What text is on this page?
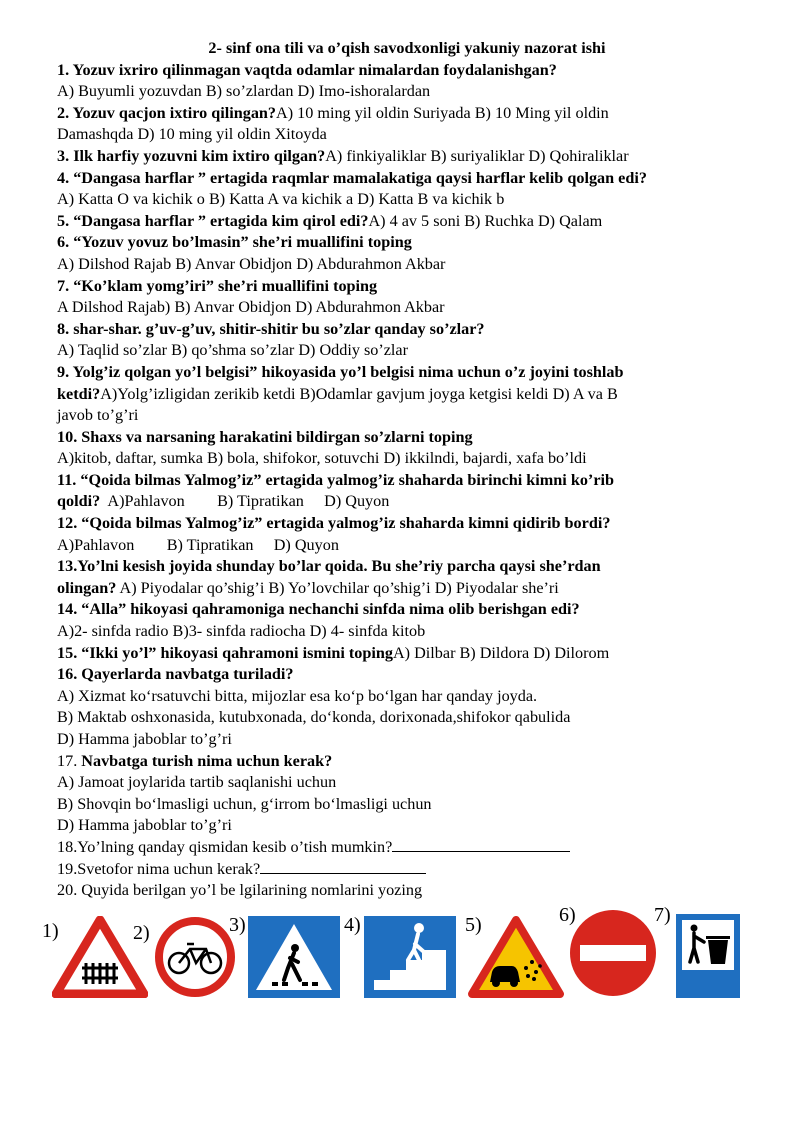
2- sinf ona tili va o’qish savodxonligi yakuniy nazorat ishi
1. Yozuv ixriro qilinmagan vaqtda odamlar nimalardan foydalanishgan?
A) Buyumli yozuvdan B) so’zlardan D) Imo-ishoralardan
2. Yozuv qacjon ixtiro qilingan?A) 10 ming yil oldin Suriyada B) 10 Ming yil oldin
Damashqda D) 10 ming yil oldin Xitoyda
3. Ilk harfiy yozuvni kim ixtiro qilgan?A) finkiyaliklar B) suriyaliklar D) Qohiraliklar
4. “Dangasa harflar ” ertagida raqmlar mamalakatiga qaysi harflar kelib qolgan edi?
A) Katta O va kichik o B) Katta A va kichik a D) Katta B va kichik b
5. “Dangasa harflar ” ertagida kim qirol edi?A) 4 av 5 soni B) Ruchka D) Qalam
6. “Yozuv yovuz bo’lmasin” she’ri muallifini toping
A) Dilshod Rajab B) Anvar Obidjon D) Abdurahmon Akbar
7. “Ko’klam yomg’iri” she’ri muallifini toping
A Dilshod Rajab) B) Anvar Obidjon D) Abdurahmon Akbar
8. shar-shar. g’uv-g’uv, shitir-shitir bu so’zlar qanday so’zlar?
A) Taqlid so’zlar B) qo’shma so’zlar D) Oddiy so’zlar
9. Yolg’iz qolgan yo’l belgisi” hikoyasida yo’l belgisi nima uchun o’z joyini toshlab
ketdi?A)Yolg’izligidan zerikib ketdi B)Odamlar gavjum joyga ketgisi keldi D) A va B
javob to’g’ri
10. Shaxs va narsaning harakatini bildirgan so’zlarni toping
A)kitob, daftar, sumka B) bola, shifokor, sotuvchi D) ikkilndi, bajardi, xafa bo’ldi
11. “Qoida bilmas Yalmog’iz” ertagida yalmog’iz shaharda birinchi kimni ko’rib
qoldi?  A)Pahlavon        B) Tipratikan     D) Quyon
12. “Qoida bilmas Yalmog’iz” ertagida yalmog’iz shaharda kimni qidirib bordi?
A)Pahlavon        B) Tipratikan     D) Quyon
13.Yo’lni kesish joyida shunday bo’lar qoida. Bu she’riy parcha qaysi she’rdan
olingan? A) Piyodalar qo’shig’i B) Yo’lovchilar qo’shig’i D) Piyodalar she’ri
14. “Alla” hikoyasi qahramoniga nechanchi sinfda nima olib berishgan edi?
A)2- sinfda radio B)3- sinfda radiocha D) 4- sinfda kitob
15. “Ikki yo’l” hikoyasi qahramoni ismini topingA) Dilbar B) Dildora D) Dilorom
16. Qayerlarda navbatga turiladi?
A) Xizmat ko‘rsatuvchi bitta, mijozlar esa ko‘p bo‘lgan har qanday joyda.
B) Maktab oshxonasida, kutubxonada, do‘konda, dorixonada,shifokor qabulida
D) Hamma jaboblar to’g’ri
17. Navbatga turish nima uchun kerak?
A) Jamoat joylarida tartib saqlanishi uchun
B) Shovqin bo‘lmasligi uchun, g‘irrom bo‘lmasligi uchun
D) Hamma jaboblar to’g’ri
18.Yo’lning qanday qismidan kesib o’tish mumkin?
19.Svetofor nima uchun kerak?
20. Quyida berilgan yo’l be lgilarining nomlarini yozing
1)	2)	3)	4)	5)	6)	7)
